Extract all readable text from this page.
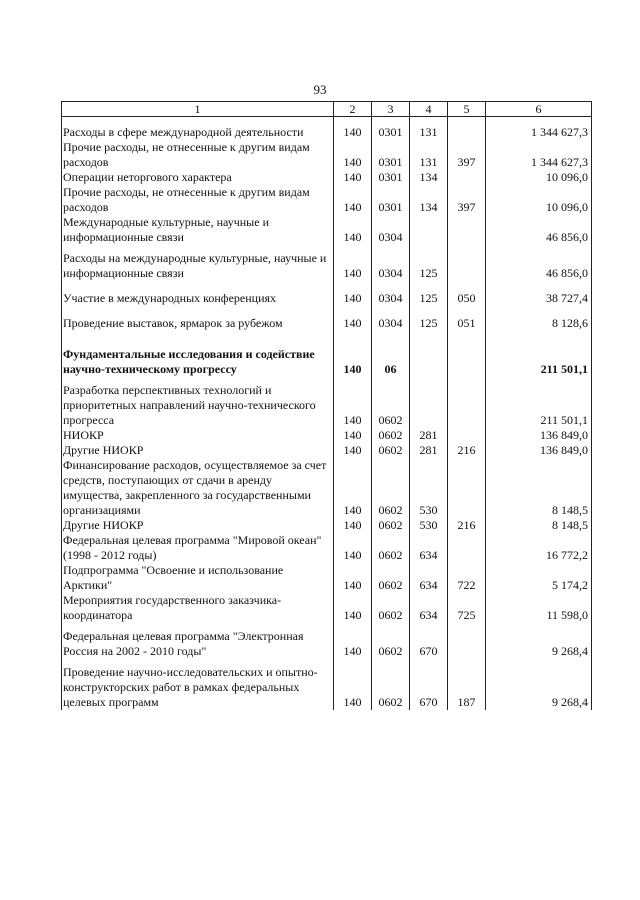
93
1	2	3	4	5	6

Расходы в сфере международной деятельности	140	0301	131		1 344 627,3
Прочие расходы, не отнесенные к другим видам расходов	140	0301	131	397	1 344 627,3
Операции неторгового характера	140	0301	134		10 096,0
Прочие расходы, не отнесенные к другим видам расходов	140	0301	134	397	10 096,0
Международные культурные, научные и информационные связи	140	0304			46 856,0
Расходы на международные культурные, научные и информационные связи	140	0304	125		46 856,0
Участие в международных конференциях	140	0304	125	050	38 727,4
Проведение выставок, ярмарок за рубежом	140	0304	125	051	8 128,6
Фундаментальные исследования и содействие научно-техническому прогрессу	140	06			211 501,1
Разработка перспективных технологий и приоритетных направлений научно-технического прогресса	140	0602			211 501,1
НИОКР	140	0602	281		136 849,0
Другие НИОКР	140	0602	281	216	136 849,0
Финансирование расходов, осуществляемое за счет средств, поступающих от сдачи в аренду имущества, закрепленного за государственными организациями	140	0602	530		8 148,5
Другие НИОКР	140	0602	530	216	8 148,5
Федеральная целевая программа "Мировой океан" (1998 - 2012 годы)	140	0602	634		16 772,2
Подпрограмма "Освоение и использование Арктики"	140	0602	634	722	5 174,2
Мероприятия государственного заказчика-координатора	140	0602	634	725	11 598,0
Федеральная целевая программа "Электронная Россия на 2002 - 2010 годы"	140	0602	670		9 268,4
Проведение научно-исследовательских и опытно-конструкторских работ в рамках федеральных целевых программ	140	0602	670	187	9 268,4
